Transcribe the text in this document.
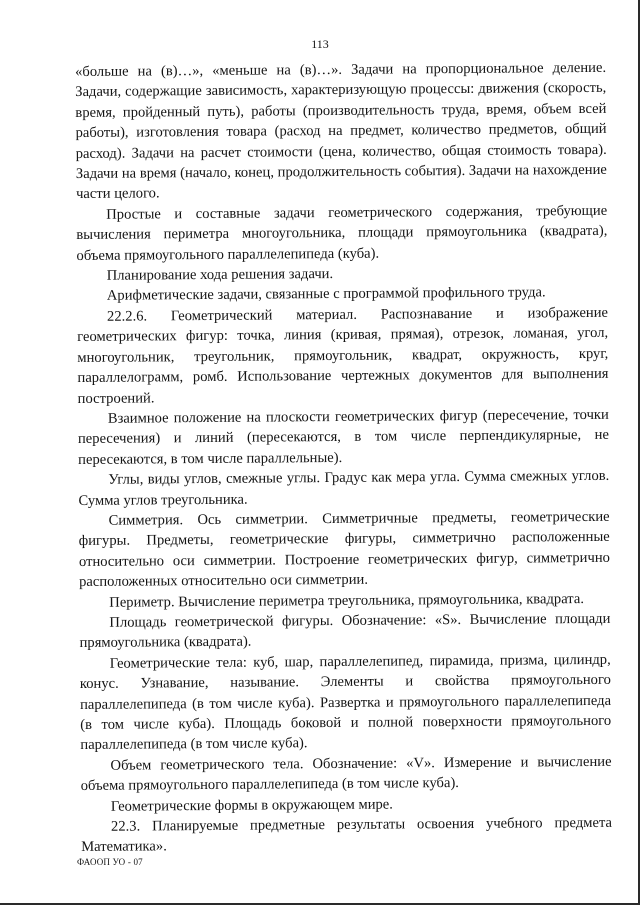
113

«больше на (в)…», «меньше на (в)…». Задачи на пропорциональное деление. Задачи, содержащие зависимость, характеризующую процессы: движения (скорость, время, пройденный путь), работы (производительность труда, время, объем всей работы), изготовления товара (расход на предмет, количество предметов, общий расход). Задачи на расчет стоимости (цена, количество, общая стоимость товара). Задачи на время (начало, конец, продолжительность события). Задачи на нахождение части целого.

Простые и составные задачи геометрического содержания, требующие вычисления периметра многоугольника, площади прямоугольника (квадрата), объема прямоугольного параллелепипеда (куба).

Планирование хода решения задачи.

Арифметические задачи, связанные с программой профильного труда.

22.2.6. Геометрический материал. Распознавание и изображение геометрических фигур: точка, линия (кривая, прямая), отрезок, ломаная, угол, многоугольник, треугольник, прямоугольник, квадрат, окружность, круг, параллелограмм, ромб. Использование чертежных документов для выполнения построений.

Взаимное положение на плоскости геометрических фигур (пересечение, точки пересечения) и линий (пересекаются, в том числе перпендикулярные, не пересекаются, в том числе параллельные).

Углы, виды углов, смежные углы. Градус как мера угла. Сумма смежных углов. Сумма углов треугольника.

Симметрия. Ось симметрии. Симметричные предметы, геометрические фигуры. Предметы, геометрические фигуры, симметрично расположенные относительно оси симметрии. Построение геометрических фигур, симметрично расположенных относительно оси симметрии.

Периметр. Вычисление периметра треугольника, прямоугольника, квадрата.

Площадь геометрической фигуры. Обозначение: «S». Вычисление площади прямоугольника (квадрата).

Геометрические тела: куб, шар, параллелепипед, пирамида, призма, цилиндр, конус. Узнавание, называние. Элементы и свойства прямоугольного параллелепипеда (в том числе куба). Развертка и прямоугольного параллелепипеда (в том числе куба). Площадь боковой и полной поверхности прямоугольного параллелепипеда (в том числе куба).

Объем геометрического тела. Обозначение: «V». Измерение и вычисление объема прямоугольного параллелепипеда (в том числе куба).

Геометрические формы в окружающем мире.

22.3. Планируемые предметные результаты освоения учебного предмета Математика».

ФАООП УО - 07
